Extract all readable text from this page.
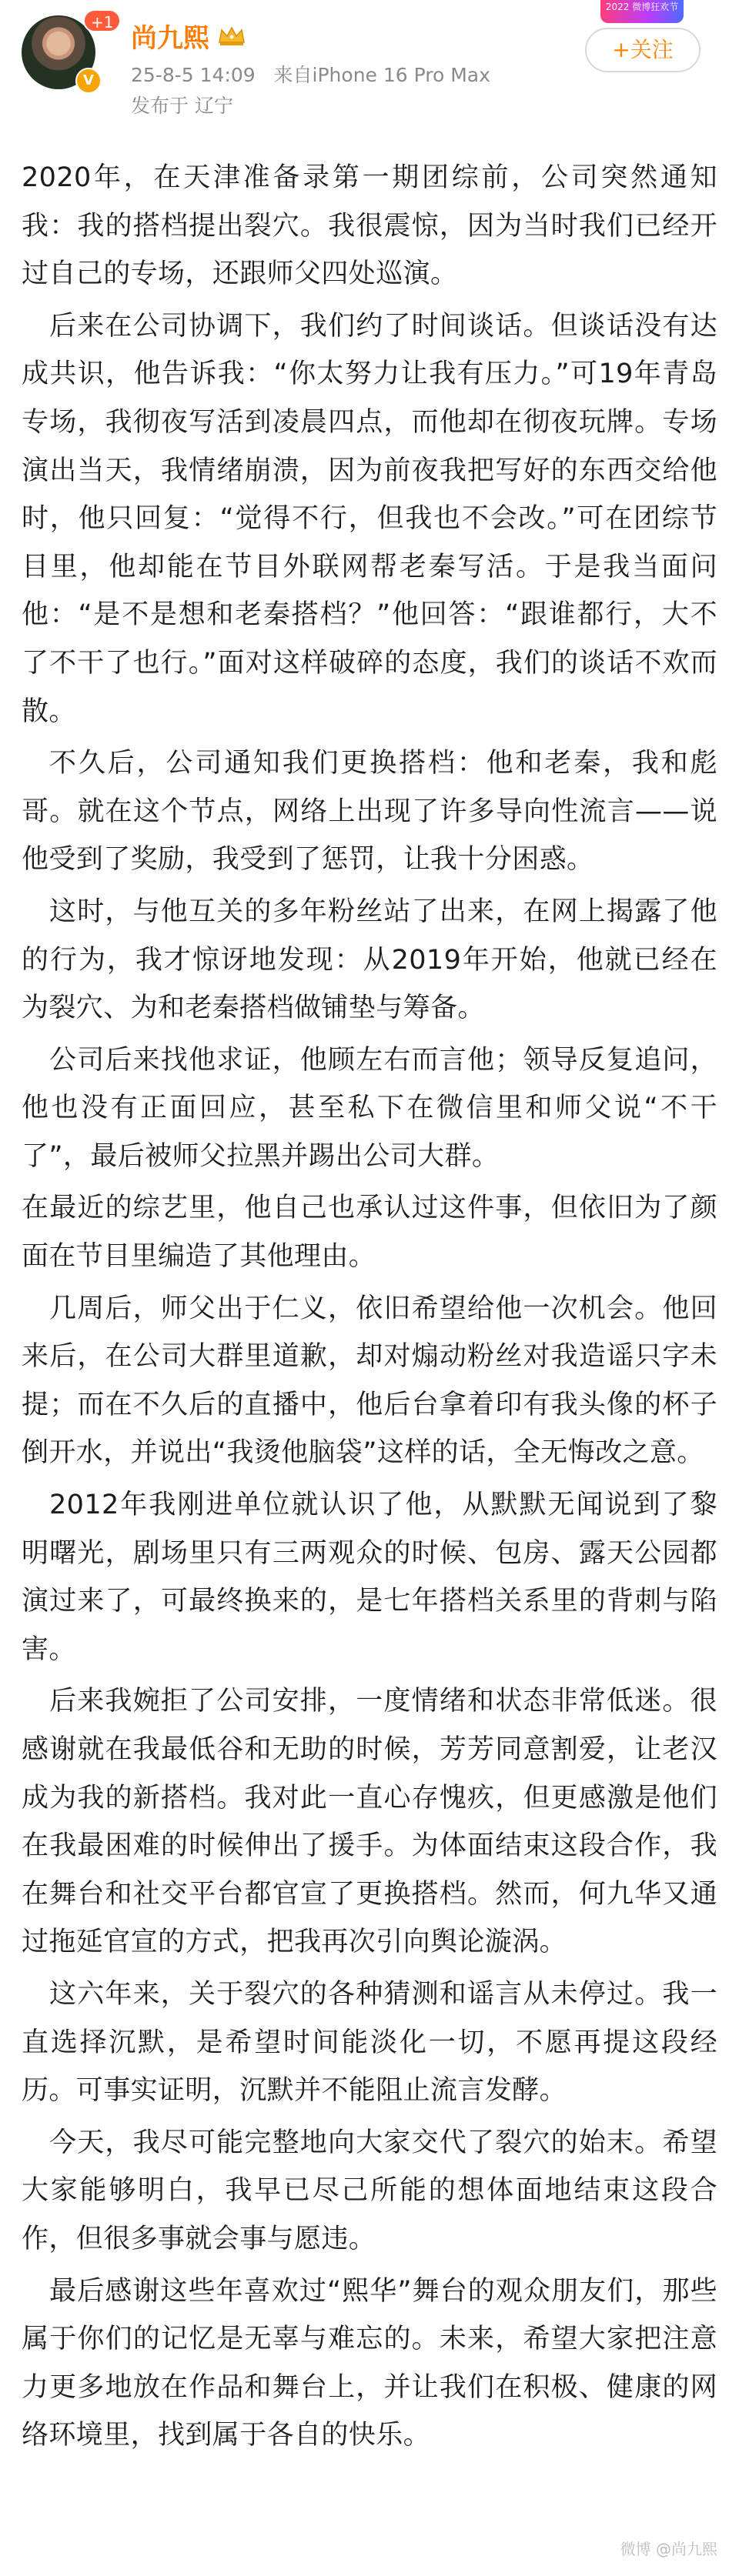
+1
V
尚九熙
25-8-5 14:09 来自iPhone 16 Pro Max
发布于 辽宁
2022 微博狂欢节
+关注

2020年，在天津准备录第一期团综前，公司突然通知我：我的搭档提出裂穴。我很震惊，因为当时我们已经开过自己的专场，还跟师父四处巡演。

后来在公司协调下，我们约了时间谈话。但谈话没有达成共识，他告诉我：“你太努力让我有压力。”可19年青岛专场，我彻夜写活到凌晨四点，而他却在彻夜玩牌。专场演出当天，我情绪崩溃，因为前夜我把写好的东西交给他时，他只回复：“觉得不行，但我也不会改。”可在团综节目里，他却能在节目外联网帮老秦写活。于是我当面问他：“是不是想和老秦搭档？”他回答：“跟谁都行，大不了不干了也行。”面对这样破碎的态度，我们的谈话不欢而散。

不久后，公司通知我们更换搭档：他和老秦，我和彪哥。就在这个节点，网络上出现了许多导向性流言——说他受到了奖励，我受到了惩罚，让我十分困惑。

这时，与他互关的多年粉丝站了出来，在网上揭露了他的行为，我才惊讶地发现：从2019年开始，他就已经在为裂穴、为和老秦搭档做铺垫与筹备。

公司后来找他求证，他顾左右而言他；领导反复追问，他也没有正面回应，甚至私下在微信里和师父说“不干了”，最后被师父拉黑并踢出公司大群。

在最近的综艺里，他自己也承认过这件事，但依旧为了颜面在节目里编造了其他理由。

几周后，师父出于仁义，依旧希望给他一次机会。他回来后，在公司大群里道歉，却对煽动粉丝对我造谣只字未提；而在不久后的直播中，他后台拿着印有我头像的杯子倒开水，并说出“我烫他脑袋”这样的话，全无悔改之意。

2012年我刚进单位就认识了他，从默默无闻说到了黎明曙光，剧场里只有三两观众的时候、包房、露天公园都演过来了，可最终换来的，是七年搭档关系里的背刺与陷害。

后来我婉拒了公司安排，一度情绪和状态非常低迷。很感谢就在我最低谷和无助的时候，芳芳同意割爱，让老汉成为我的新搭档。我对此一直心存愧疚，但更感激是他们在我最困难的时候伸出了援手。为体面结束这段合作，我在舞台和社交平台都官宣了更换搭档。然而，何九华又通过拖延官宣的方式，把我再次引向舆论漩涡。

这六年来，关于裂穴的各种猜测和谣言从未停过。我一直选择沉默，是希望时间能淡化一切，不愿再提这段经历。可事实证明，沉默并不能阻止流言发酵。

今天，我尽可能完整地向大家交代了裂穴的始末。希望大家能够明白，我早已尽己所能的想体面地结束这段合作，但很多事就会事与愿违。

最后感谢这些年喜欢过“熙华”舞台的观众朋友们，那些属于你们的记忆是无辜与难忘的。未来，希望大家把注意力更多地放在作品和舞台上，并让我们在积极、健康的网络环境里，找到属于各自的快乐。

微博 @尚九熙
